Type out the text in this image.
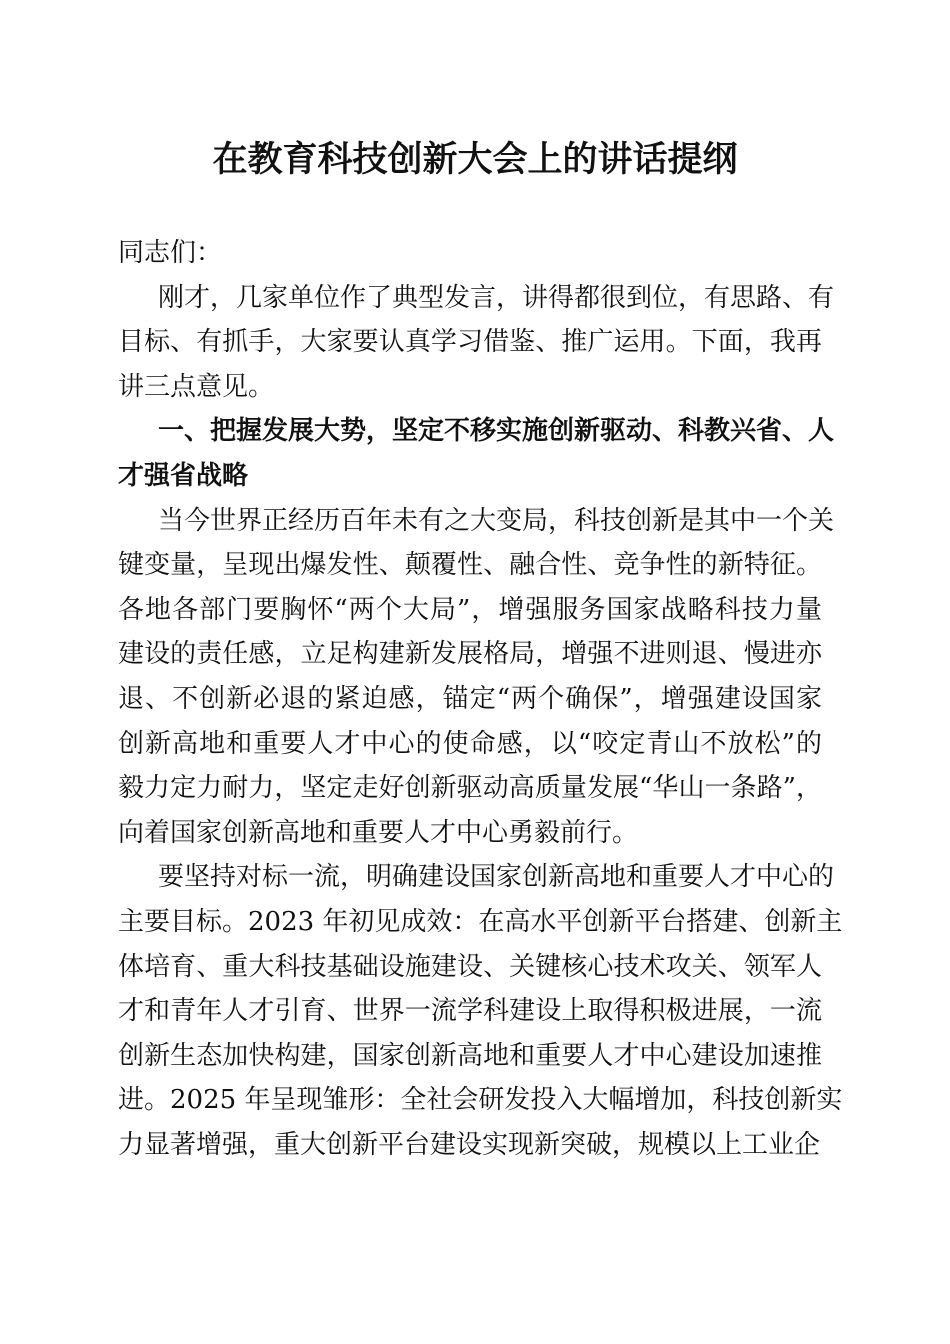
在教育科技创新大会上的讲话提纲
同志们：
刚才，几家单位作了典型发言，讲得都很到位，有思路、有
目标、有抓手，大家要认真学习借鉴、推广运用。下面，我再
讲三点意见。
一、把握发展大势，坚定不移实施创新驱动、科教兴省、人
才强省战略
当今世界正经历百年未有之大变局，科技创新是其中一个关
键变量，呈现出爆发性、颠覆性、融合性、竞争性的新特征。
各地各部门要胸怀“两个大局”，增强服务国家战略科技力量
建设的责任感，立足构建新发展格局，增强不进则退、慢进亦
退、不创新必退的紧迫感，锚定“两个确保”，增强建设国家
创新高地和重要人才中心的使命感，以“咬定青山不放松”的
毅力定力耐力，坚定走好创新驱动高质量发展“华山一条路”，
向着国家创新高地和重要人才中心勇毅前行。
要坚持对标一流，明确建设国家创新高地和重要人才中心的
主要目标。2023 年初见成效：在高水平创新平台搭建、创新主
体培育、重大科技基础设施建设、关键核心技术攻关、领军人
才和青年人才引育、世界一流学科建设上取得积极进展，一流
创新生态加快构建，国家创新高地和重要人才中心建设加速推
进。2025 年呈现雏形：全社会研发投入大幅增加，科技创新实
力显著增强，重大创新平台建设实现新突破，规模以上工业企
